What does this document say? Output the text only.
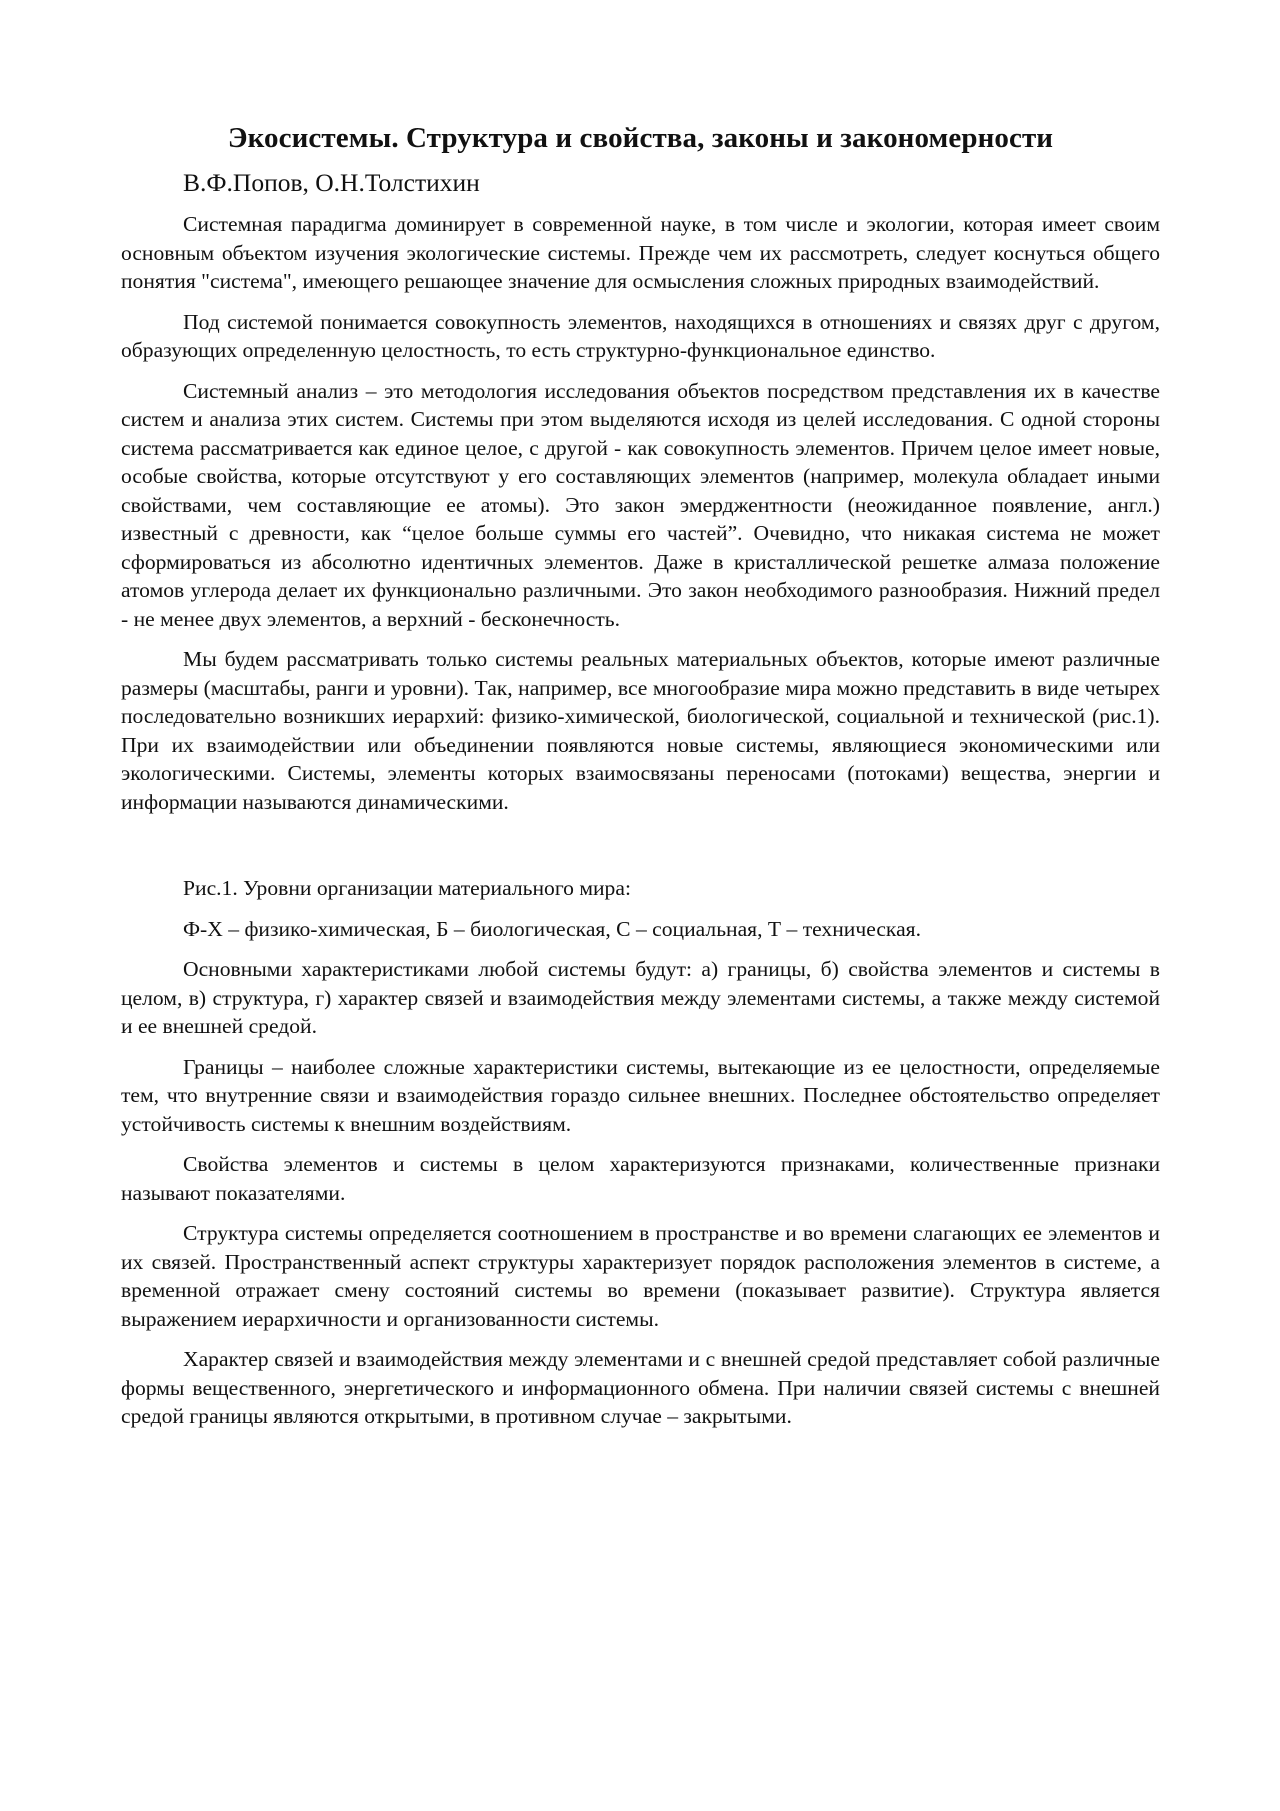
Экосистемы. Структура и свойства, законы и закономерности
В.Ф.Попов, О.Н.Толстихин

Системная парадигма доминирует в современной науке, в том числе и экологии, которая имеет своим основным объектом изучения экологические системы. Прежде чем их рассмотреть, следует коснуться общего понятия "система", имеющего решающее значение для осмысления сложных природных взаимодействий.

Под системой понимается совокупность элементов, находящихся в отношениях и связях друг с другом, образующих определенную целостность, то есть структурно-функциональное единство.

Системный анализ – это методология исследования объектов посредством представления их в качестве систем и анализа этих систем. Системы при этом выделяются исходя из целей исследования. С одной стороны система рассматривается как единое целое, с другой - как совокупность элементов. Причем целое имеет новые, особые свойства, которые отсутствуют у его составляющих элементов (например, молекула обладает иными свойствами, чем составляющие ее атомы). Это закон эмерджентности (неожиданное появление, англ.) известный с древности, как “целое больше суммы его частей”. Очевидно, что никакая система не может сформироваться из абсолютно идентичных элементов. Даже в кристаллической решетке алмаза положение атомов углерода делает их функционально различными. Это закон необходимого разнообразия. Нижний предел - не менее двух элементов, а верхний - бесконечность.

Мы будем рассматривать только системы реальных материальных объектов, которые имеют различные размеры (масштабы, ранги и уровни). Так, например, все многообразие мира можно представить в виде четырех последовательно возникших иерархий: физико-химической, биологической, социальной и технической (рис.1). При их взаимодействии или объединении появляются новые системы, являющиеся экономическими или экологическими. Системы, элементы которых взаимосвязаны переносами (потоками) вещества, энергии и информации называются динамическими.

Рис.1. Уровни организации материального мира:

Ф-Х – физико-химическая, Б – биологическая, С – социальная, Т – техническая.

Основными характеристиками любой системы будут: а) границы, б) свойства элементов и системы в целом, в) структура, г) характер связей и взаимодействия между элементами системы, а также между системой и ее внешней средой.

Границы – наиболее сложные характеристики системы, вытекающие из ее целостности, определяемые тем, что внутренние связи и взаимодействия гораздо сильнее внешних. Последнее обстоятельство определяет устойчивость системы к внешним воздействиям.

Свойства элементов и системы в целом характеризуются признаками, количественные признаки называют показателями.

Структура системы определяется соотношением в пространстве и во времени слагающих ее элементов и их связей. Пространственный аспект структуры характеризует порядок расположения элементов в системе, а временной отражает смену состояний системы во времени (показывает развитие). Структура является выражением иерархичности и организованности системы.

Характер связей и взаимодействия между элементами и с внешней средой представляет собой различные формы вещественного, энергетического и информационного обмена. При наличии связей системы с внешней средой границы являются открытыми, в противном случае – закрытыми.
